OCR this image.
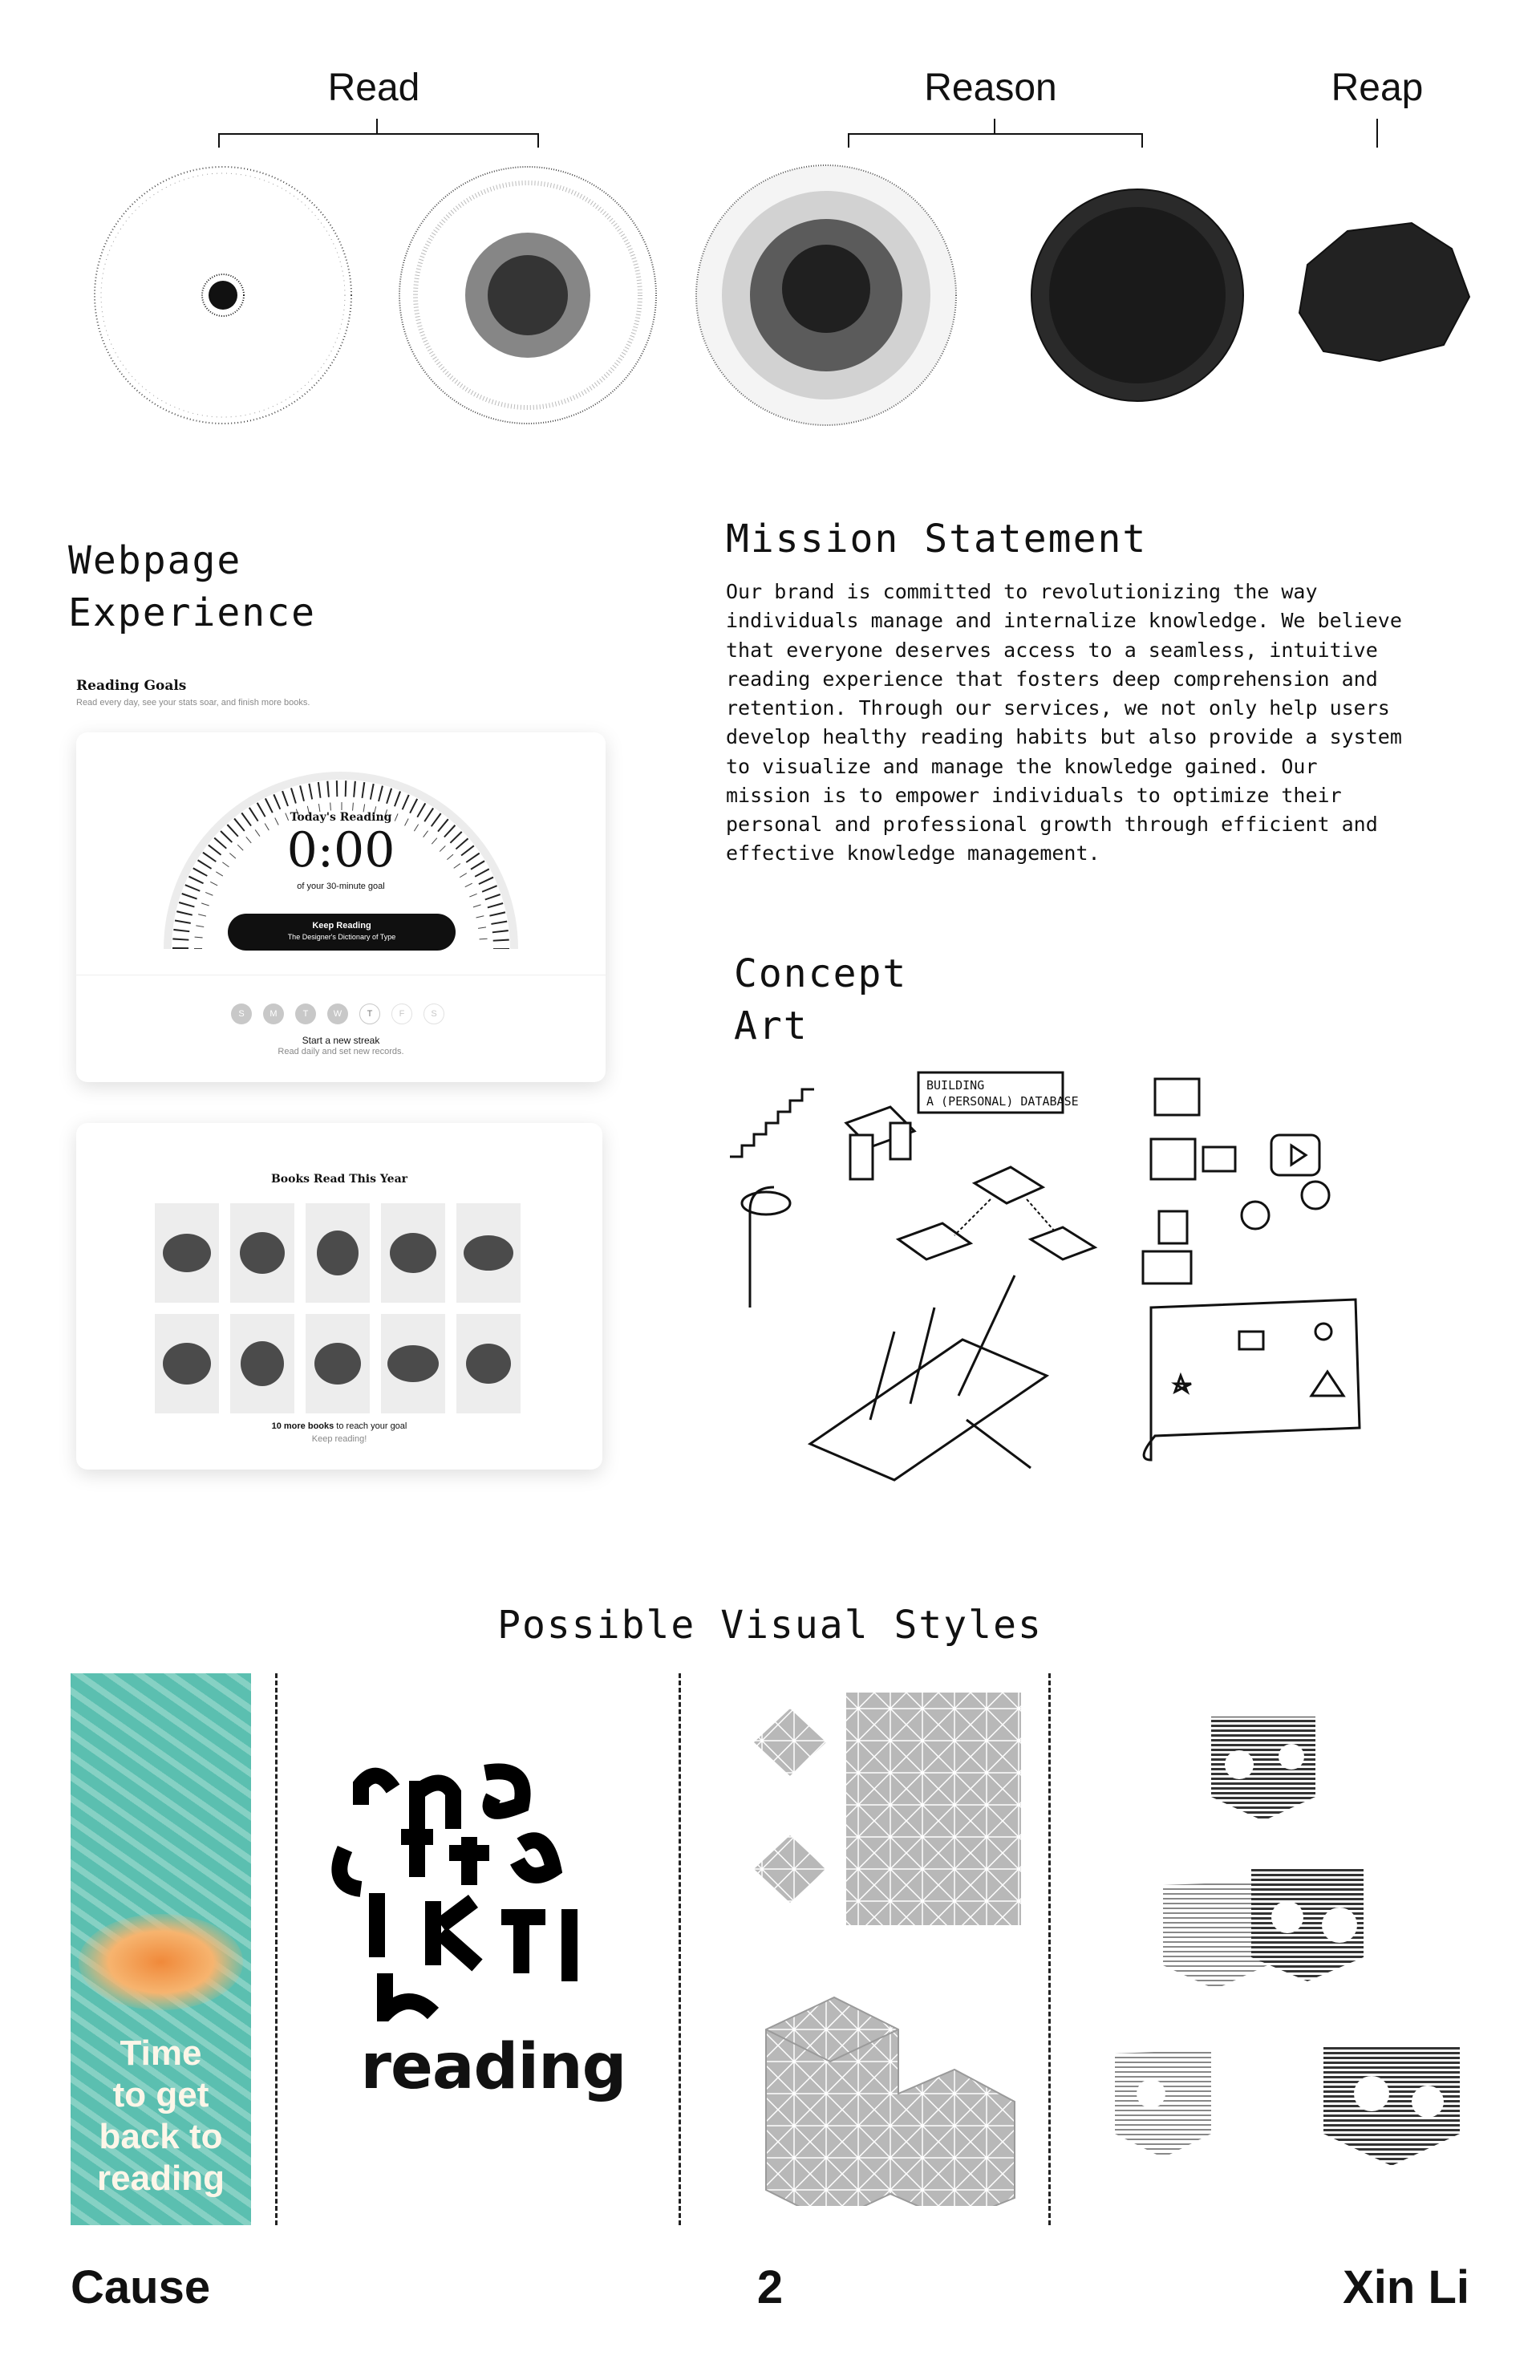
Read	Reason	Reap
Webpage
Experience
Reading Goals
Read every day, see your stats soar, and finish more books.
Today's Reading
0:00
of your 30-minute goal
Keep Reading
The Designer's Dictionary of Type
S	M	T	W	T	F	S
Start a new streak
Read daily and set new records.
Books Read This Year
10 more books to reach your goal
Keep reading!
Mission Statement
Our brand is committed to revolutionizing the way
individuals manage and internalize knowledge. We believe
that everyone deserves access to a seamless, intuitive
reading experience that fosters deep comprehension and
retention. Through our services, we not only help users
develop healthy reading habits but also provide a system
to visualize and manage the knowledge gained. Our
mission is to empower individuals to optimize their
personal and professional growth through efficient and
effective knowledge management.
Concept
Art
BUILDING
A (PERSONAL) DATABASE
Possible Visual Styles
Time
to get
back to
reading
reading
Cause	2	Xin Li
